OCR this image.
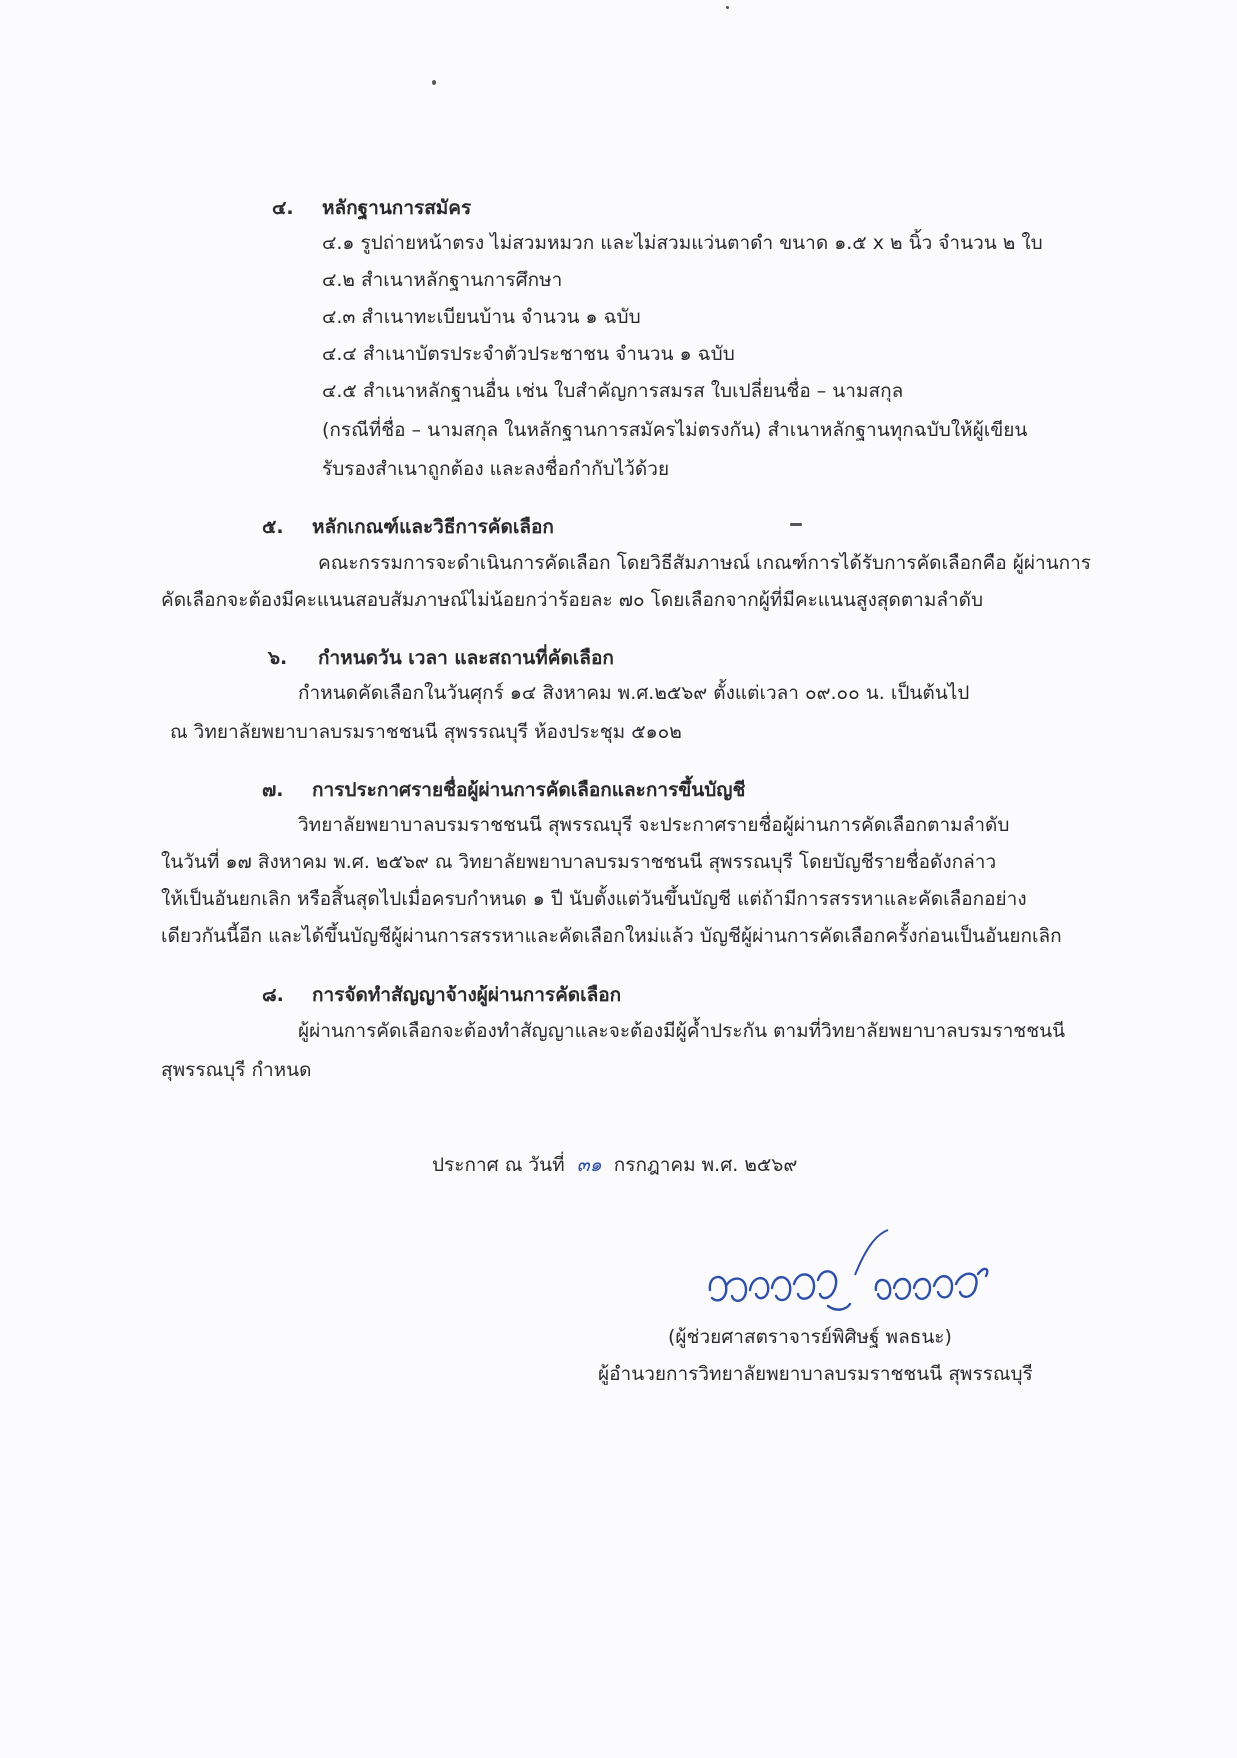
๔. หลักฐานการสมัคร
๔.๑ รูปถ่ายหน้าตรง ไม่สวมหมวก และไม่สวมแว่นตาดำ ขนาด ๑.๕ x ๒ นิ้ว จำนวน ๒ ใบ
๔.๒ สำเนาหลักฐานการศึกษา
๔.๓ สำเนาทะเบียนบ้าน จำนวน ๑ ฉบับ
๔.๔ สำเนาบัตรประจำตัวประชาชน จำนวน ๑ ฉบับ
๔.๕ สำเนาหลักฐานอื่น เช่น ใบสำคัญการสมรส ใบเปลี่ยนชื่อ – นามสกุล
(กรณีที่ชื่อ – นามสกุล ในหลักฐานการสมัครไม่ตรงกัน) สำเนาหลักฐานทุกฉบับให้ผู้เขียน
รับรองสำเนาถูกต้อง และลงชื่อกำกับไว้ด้วย
๕. หลักเกณฑ์และวิธีการคัดเลือก
คณะกรรมการจะดำเนินการคัดเลือก โดยวิธีสัมภาษณ์ เกณฑ์การได้รับการคัดเลือกคือ ผู้ผ่านการ
คัดเลือกจะต้องมีคะแนนสอบสัมภาษณ์ไม่น้อยกว่าร้อยละ ๗๐ โดยเลือกจากผู้ที่มีคะแนนสูงสุดตามลำดับ
๖. กำหนดวัน เวลา และสถานที่คัดเลือก
กำหนดคัดเลือกในวันศุกร์ ๑๔ สิงหาคม พ.ศ.๒๕๖๙ ตั้งแต่เวลา ๐๙.๐๐ น. เป็นต้นไป
ณ วิทยาลัยพยาบาลบรมราชชนนี สุพรรณบุรี ห้องประชุม ๕๑๐๒
๗. การประกาศรายชื่อผู้ผ่านการคัดเลือกและการขึ้นบัญชี
วิทยาลัยพยาบาลบรมราชชนนี สุพรรณบุรี จะประกาศรายชื่อผู้ผ่านการคัดเลือกตามลำดับ
ในวันที่ ๑๗ สิงหาคม พ.ศ. ๒๕๖๙ ณ วิทยาลัยพยาบาลบรมราชชนนี สุพรรณบุรี โดยบัญชีรายชื่อดังกล่าว
ให้เป็นอันยกเลิก หรือสิ้นสุดไปเมื่อครบกำหนด ๑ ปี นับตั้งแต่วันขึ้นบัญชี แต่ถ้ามีการสรรหาและคัดเลือกอย่าง
เดียวกันนี้อีก และได้ขึ้นบัญชีผู้ผ่านการสรรหาและคัดเลือกใหม่แล้ว บัญชีผู้ผ่านการคัดเลือกครั้งก่อนเป็นอันยกเลิก
๘. การจัดทำสัญญาจ้างผู้ผ่านการคัดเลือก
ผู้ผ่านการคัดเลือกจะต้องทำสัญญาและจะต้องมีผู้ค้ำประกัน ตามที่วิทยาลัยพยาบาลบรมราชชนนี
สุพรรณบุรี กำหนด
ประกาศ ณ วันที่ ๓๑ กรกฎาคม พ.ศ. ๒๕๖๙
(ผู้ช่วยศาสตราจารย์พิศิษฐ์ พลธนะ)
ผู้อำนวยการวิทยาลัยพยาบาลบรมราชชนนี สุพรรณบุรี
